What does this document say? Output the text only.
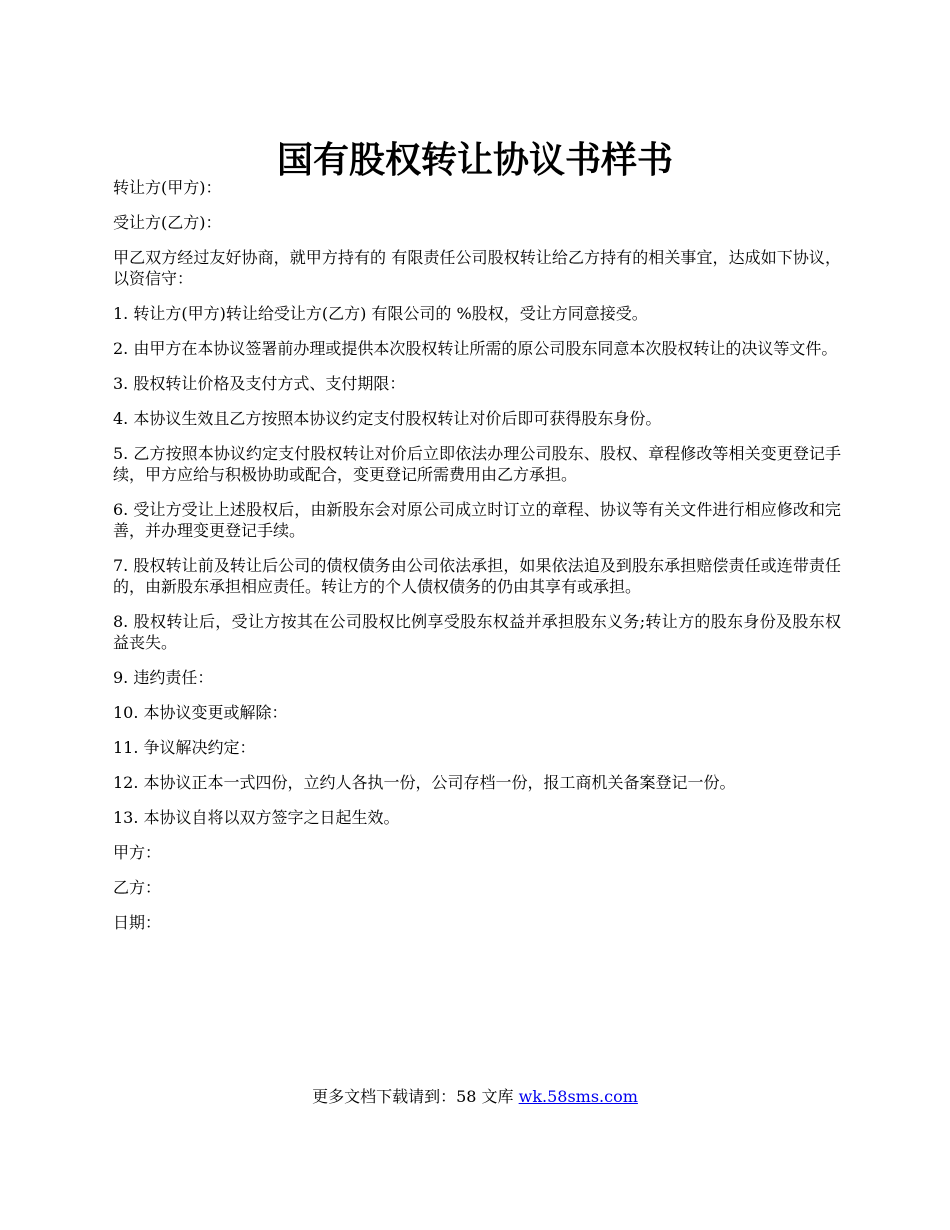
国有股权转让协议书样书

转让方(甲方)：

受让方(乙方)：

甲乙双方经过友好协商，就甲方持有的 有限责任公司股权转让给乙方持有的相关事宜，达成如下协议，以资信守：

1. 转让方(甲方)转让给受让方(乙方) 有限公司的 %股权，受让方同意接受。

2. 由甲方在本协议签署前办理或提供本次股权转让所需的原公司股东同意本次股权转让的决议等文件。

3. 股权转让价格及支付方式、支付期限：

4. 本协议生效且乙方按照本协议约定支付股权转让对价后即可获得股东身份。

5. 乙方按照本协议约定支付股权转让对价后立即依法办理公司股东、股权、章程修改等相关变更登记手续，甲方应给与积极协助或配合，变更登记所需费用由乙方承担。

6. 受让方受让上述股权后，由新股东会对原公司成立时订立的章程、协议等有关文件进行相应修改和完善，并办理变更登记手续。

7. 股权转让前及转让后公司的债权债务由公司依法承担，如果依法追及到股东承担赔偿责任或连带责任的，由新股东承担相应责任。转让方的个人债权债务的仍由其享有或承担。

8. 股权转让后，受让方按其在公司股权比例享受股东权益并承担股东义务;转让方的股东身份及股东权益丧失。

9. 违约责任：

10. 本协议变更或解除：

11. 争议解决约定：

12. 本协议正本一式四份，立约人各执一份，公司存档一份，报工商机关备案登记一份。

13. 本协议自将以双方签字之日起生效。

甲方：

乙方：

日期：

更多文档下载请到：58 文库 wk.58sms.com
